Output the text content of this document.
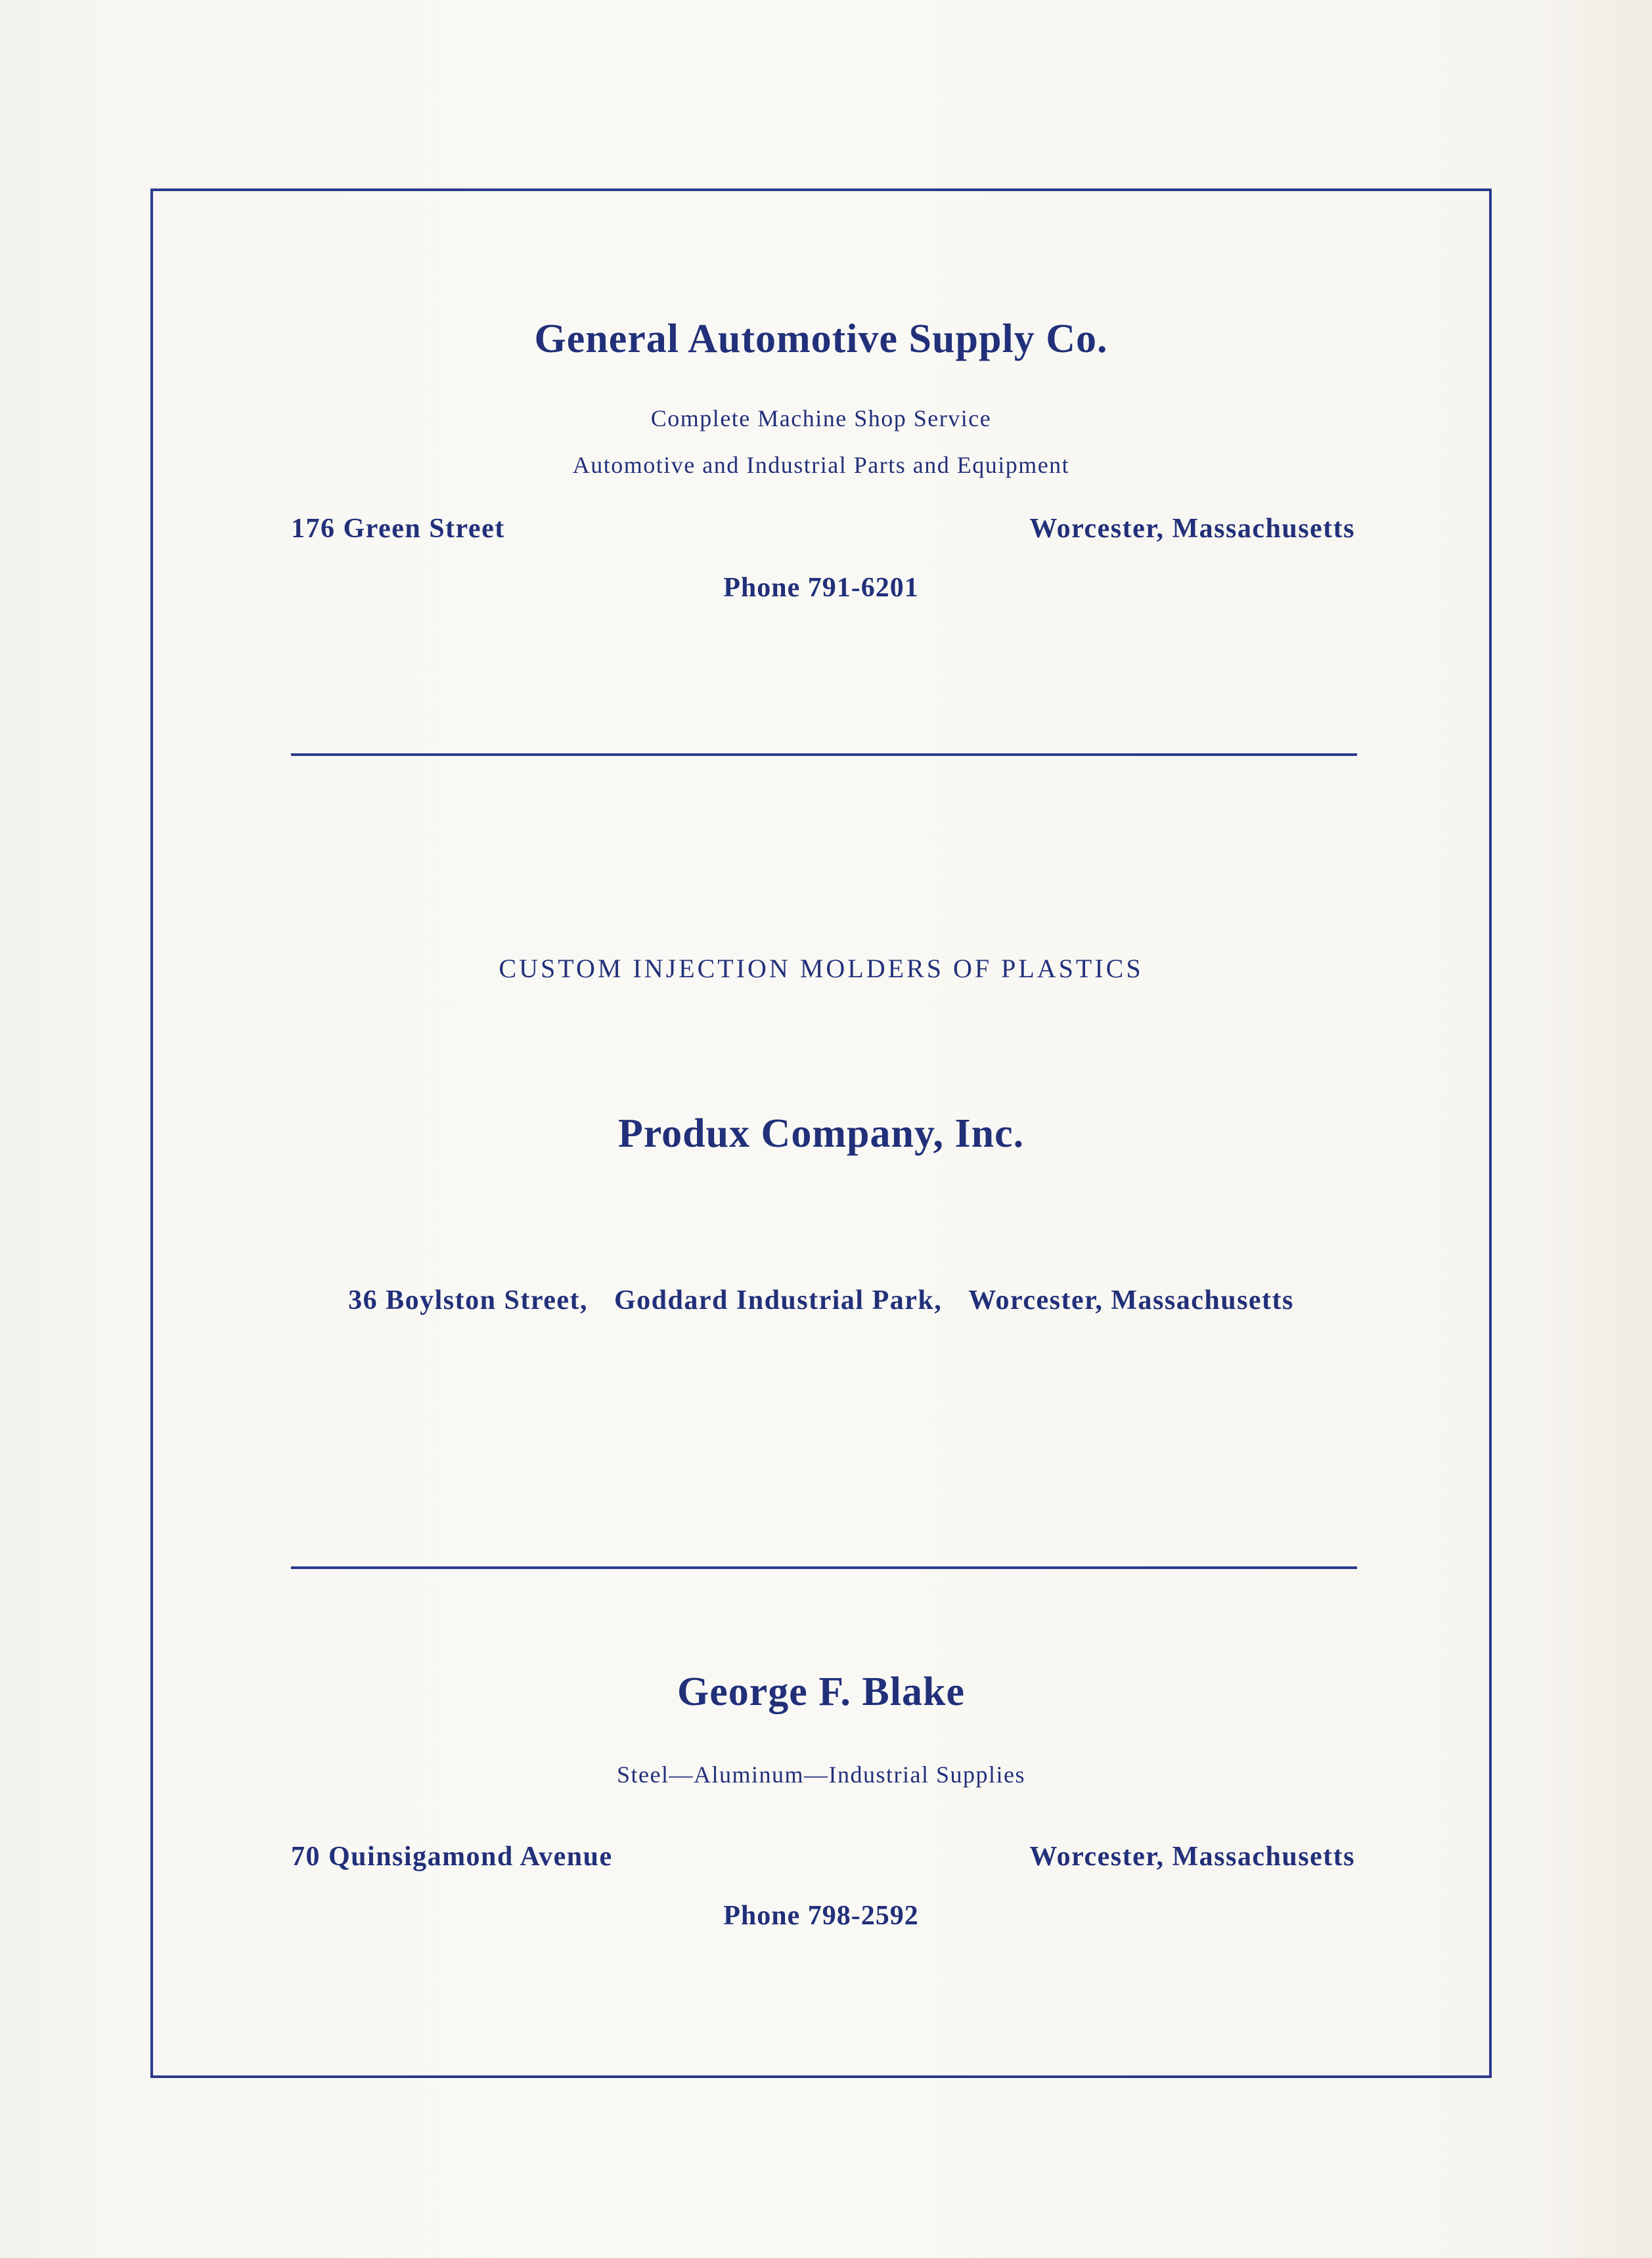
General Automotive Supply Co.
Complete Machine Shop Service
Automotive and Industrial Parts and Equipment
176 Green Street	Worcester, Massachusetts
Phone 791-6201
CUSTOM INJECTION MOLDERS OF PLASTICS
Produx Company, Inc.
36 Boylston Street, Goddard Industrial Park, Worcester, Massachusetts
George F. Blake
Steel—Aluminum—Industrial Supplies
70 Quinsigamond Avenue	Worcester, Massachusetts
Phone 798-2592
